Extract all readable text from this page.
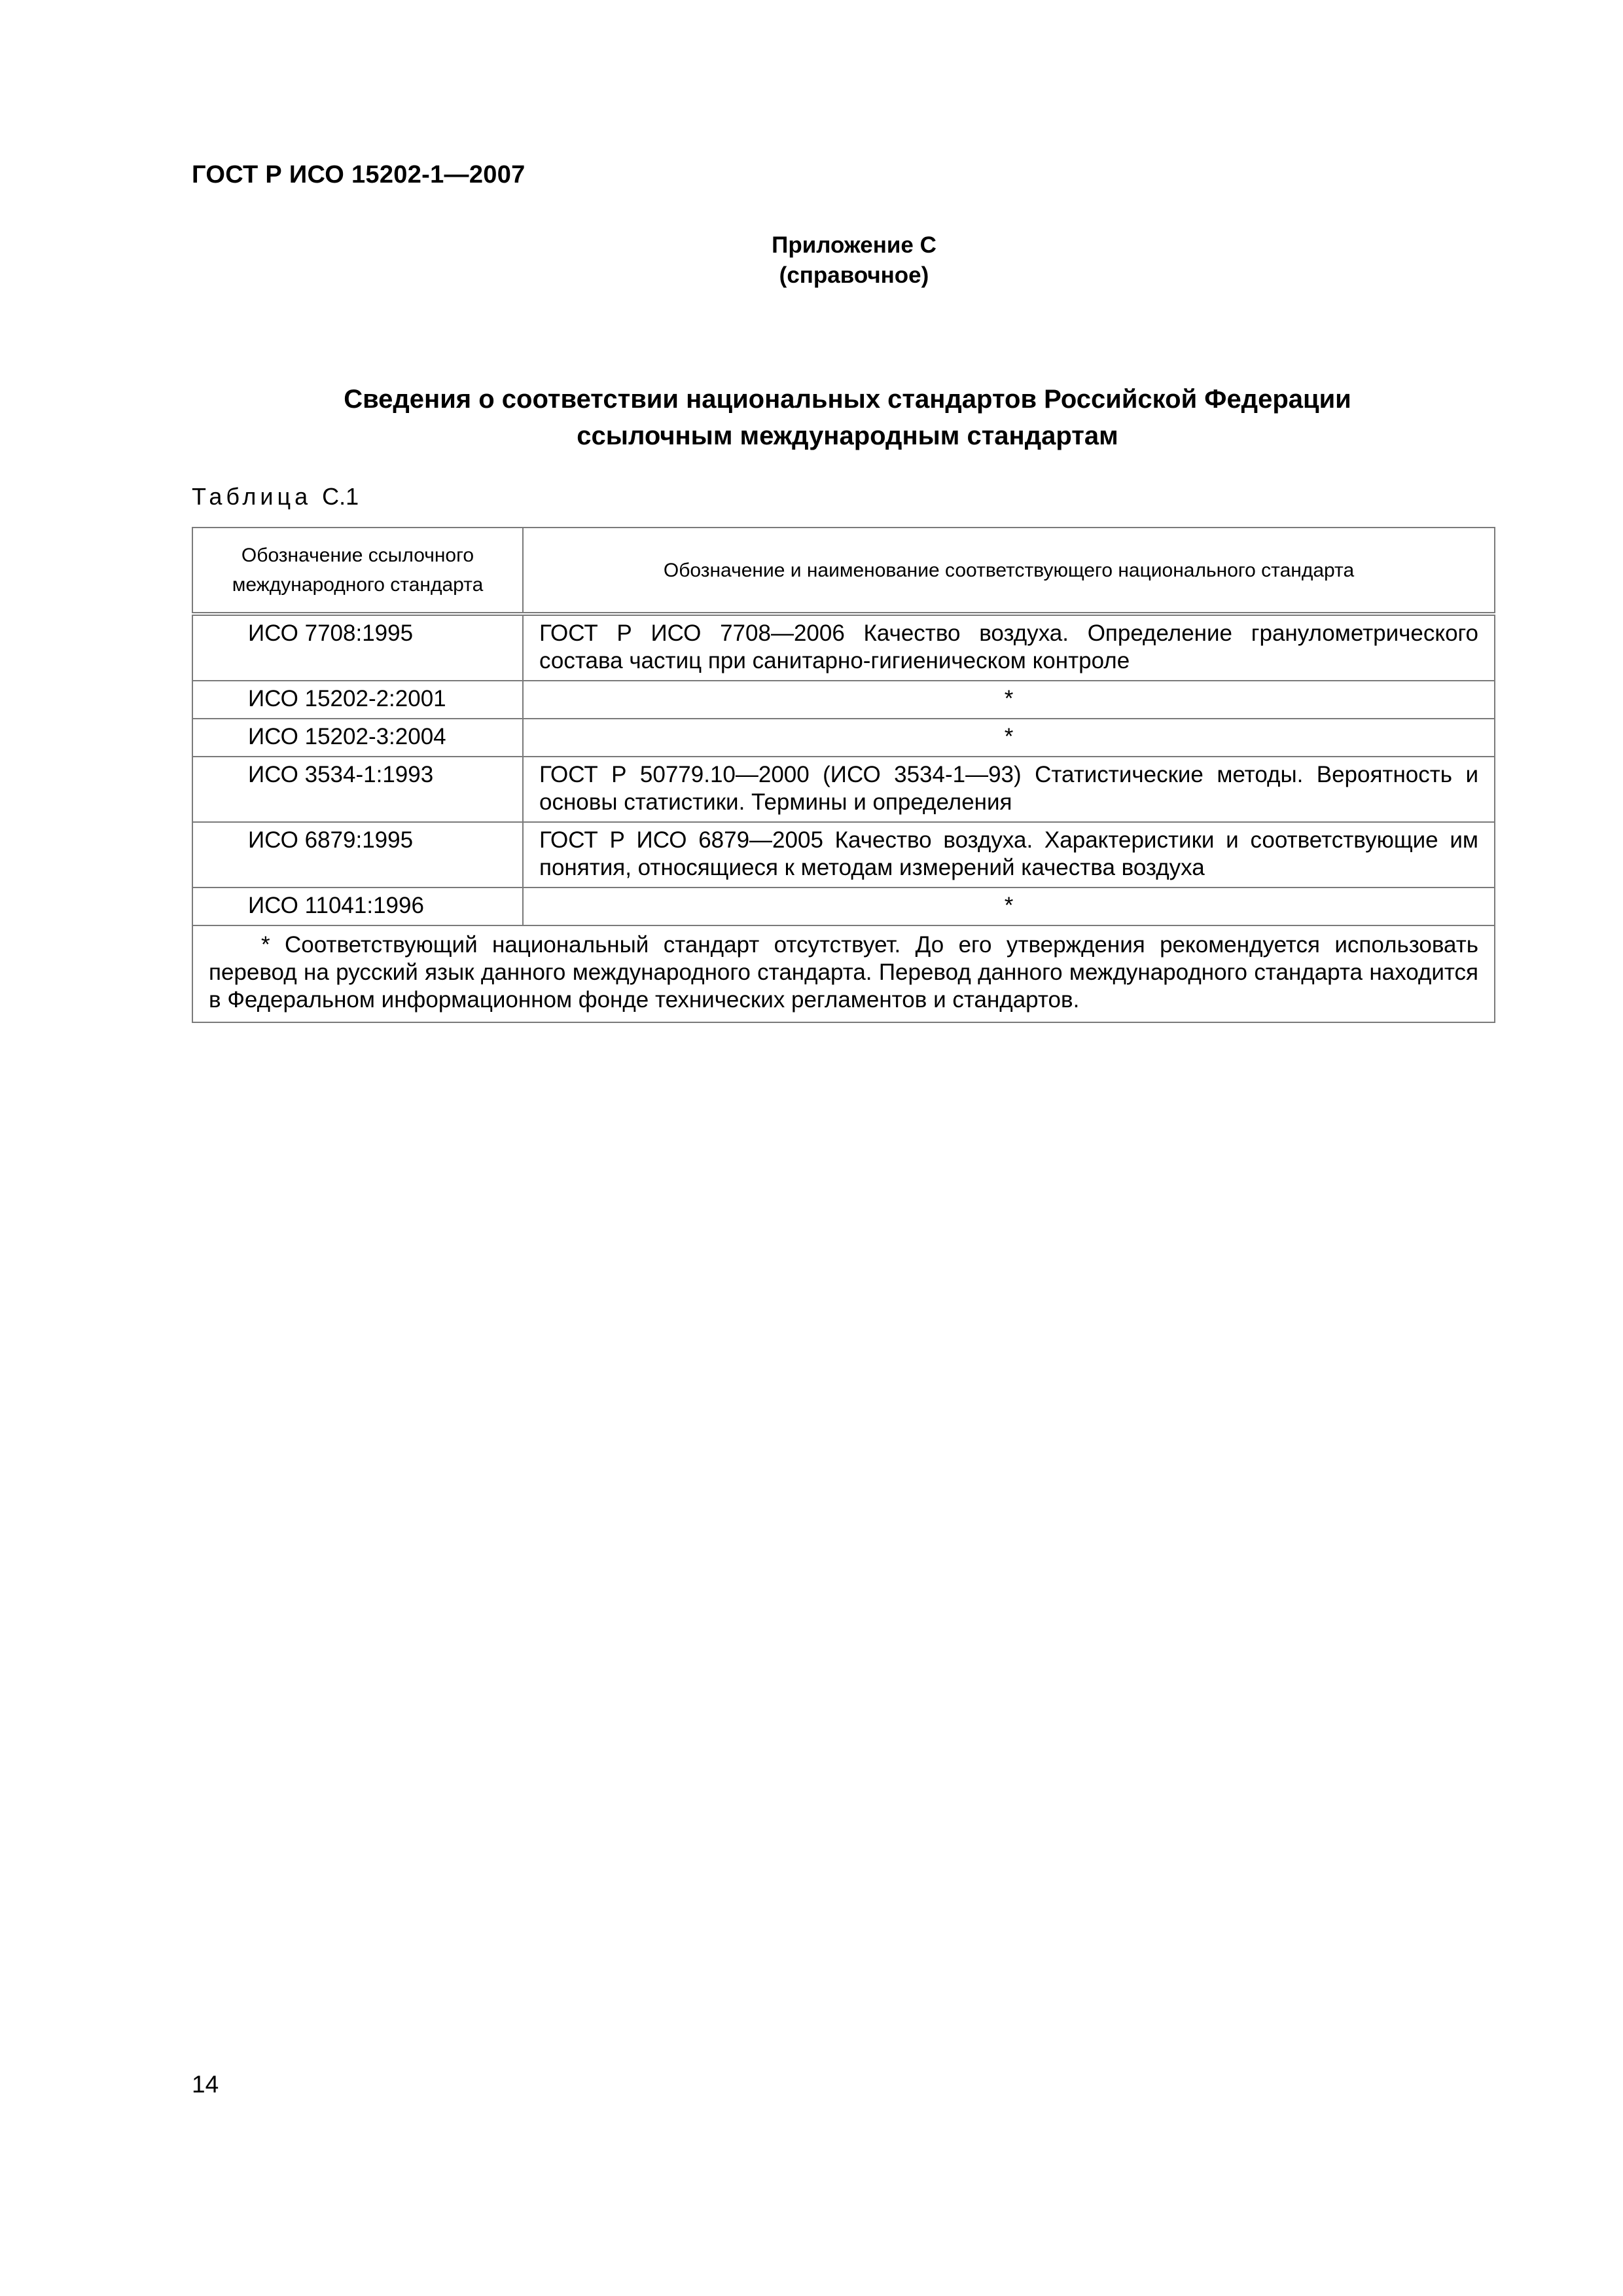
ГОСТ Р ИСО 15202-1—2007
Приложение С
(справочное)
Сведения о соответствии национальных стандартов Российской Федерации
ссылочным международным стандартам
Таблица С.1
Обозначение ссылочного международного стандарта	Обозначение и наименование соответствующего национального стандарта
ИСО 7708:1995	ГОСТ Р ИСО 7708—2006 Качество воздуха. Определение гранулометрического состава частиц при санитарно-гигиеническом контроле
ИСО 15202-2:2001	*
ИСО 15202-3:2004	*
ИСО 3534-1:1993	ГОСТ Р 50779.10—2000 (ИСО 3534-1—93) Статистические методы. Вероятность и основы статистики. Термины и определения
ИСО 6879:1995	ГОСТ Р ИСО 6879—2005 Качество воздуха. Характеристики и соответствующие им понятия, относящиеся к методам измерений качества воздуха
ИСО 11041:1996	*
* Соответствующий национальный стандарт отсутствует. До его утверждения рекомендуется использовать перевод на русский язык данного международного стандарта. Перевод данного международного стандарта находится в Федеральном информационном фонде технических регламентов и стандартов.	
14
